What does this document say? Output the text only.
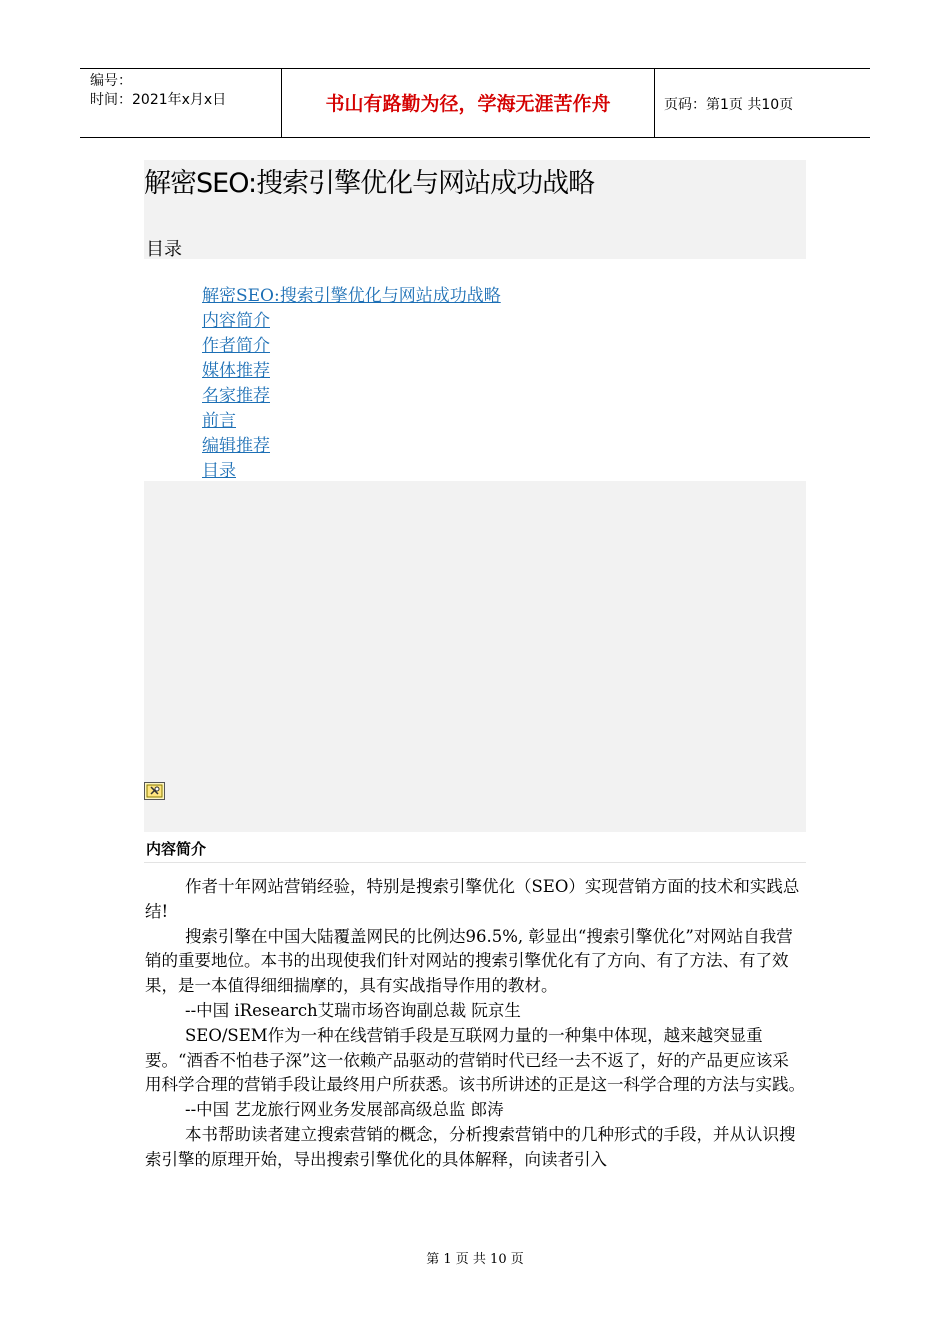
编号：
时间：2021年x月x日	书山有路勤为径，学海无涯苦作舟	页码：第1页 共10页
解密SEO:搜索引擎优化与网站成功战略
目录
解密SEO:搜索引擎优化与网站成功战略
内容简介
作者简介
媒体推荐
名家推荐
前言
编辑推荐
目录
内容简介

作者十年网站营销经验，特别是搜索引擎优化（SEO）实现营销方面的技术和实践总结!

搜索引擎在中国大陆覆盖网民的比例达96.5%, 彰显出“搜索引擎优化”对网站自我营销的重要地位。本书的出现使我们针对网站的搜索引擎优化有了方向、有了方法、有了效果，是一本值得细细揣摩的，具有实战指导作用的教材。

--中国 iResearch艾瑞市场咨询副总裁 阮京生

SEO/SEM作为一种在线营销手段是互联网力量的一种集中体现，越来越突显重要。“酒香不怕巷子深”这一依赖产品驱动的营销时代已经一去不返了，好的产品更应该采用科学合理的营销手段让最终用户所获悉。该书所讲述的正是这一科学合理的方法与实践。

--中国 艺龙旅行网业务发展部高级总监 郎涛

本书帮助读者建立搜索营销的概念，分析搜索营销中的几种形式的手段，并从认识搜索引擎的原理开始，导出搜索引擎优化的具体解释，向读者引入

第 1 页 共 10 页
